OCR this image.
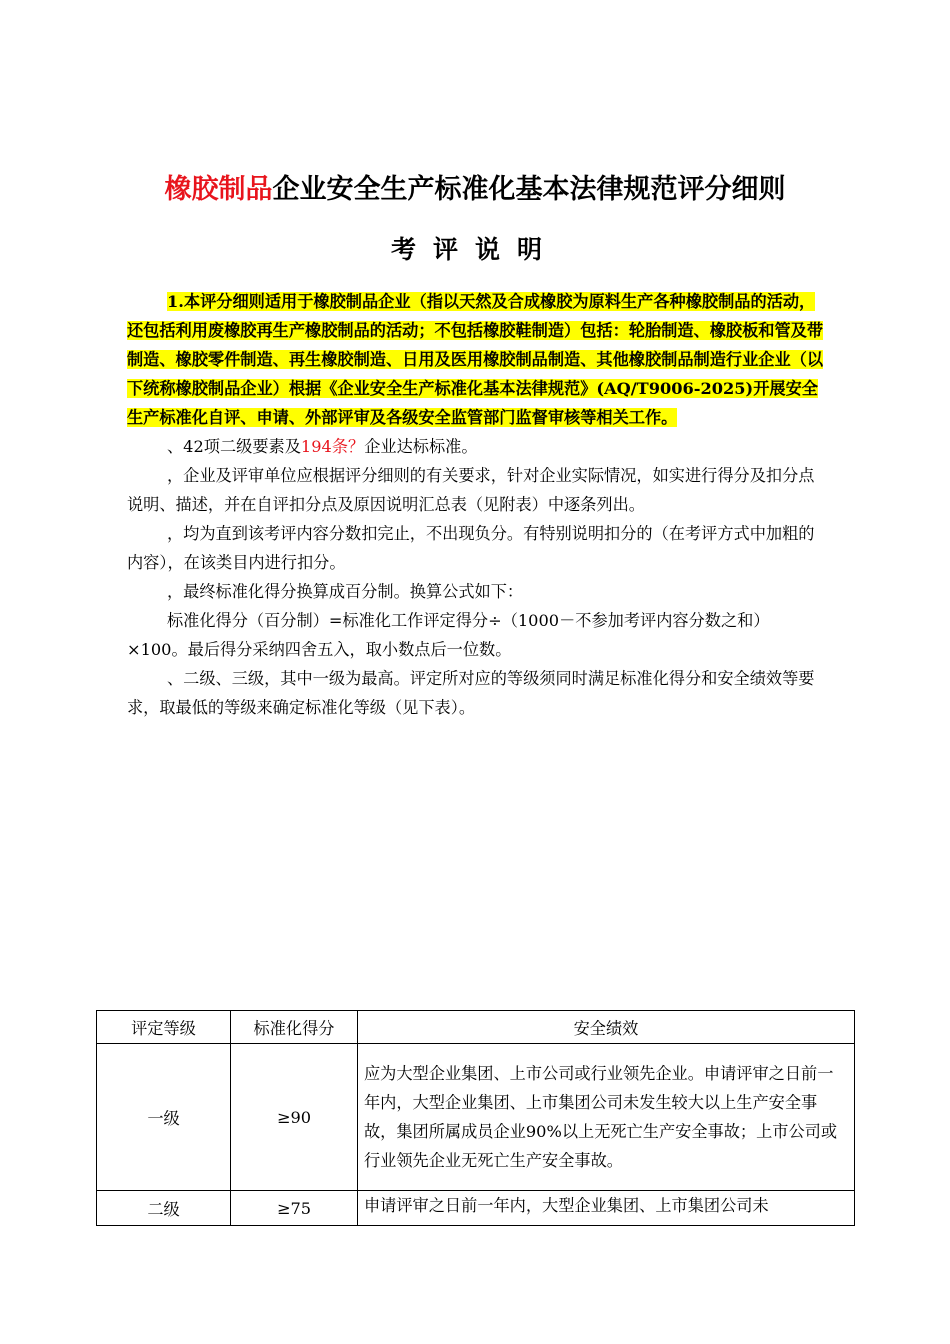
橡胶制品企业安全生产标准化基本法律规范评分细则
考评说明

1.本评分细则适用于橡胶制品企业（指以天然及合成橡胶为原料生产各种橡胶制品的活动，还包括利用废橡胶再生产橡胶制品的活动；不包括橡胶鞋制造）包括：轮胎制造、橡胶板和管及带制造、橡胶零件制造、再生橡胶制造、日用及医用橡胶制品制造、其他橡胶制品制造行业企业（以下统称橡胶制品企业）根据《企业安全生产标准化基本法律规范》(AQ/T9006-2025)开展安全生产标准化自评、申请、外部评审及各级安全监管部门监督审核等相关工作。

、42项二级要素及194条？企业达标标准。

，企业及评审单位应根据评分细则的有关要求，针对企业实际情况，如实进行得分及扣分点说明、描述，并在自评扣分点及原因说明汇总表（见附表）中逐条列出。

，均为直到该考评内容分数扣完止，不出现负分。有特别说明扣分的（在考评方式中加粗的内容），在该类目内进行扣分。

，最终标准化得分换算成百分制。换算公式如下：

标准化得分（百分制）=标准化工作评定得分÷（1000－不参加考评内容分数之和）×100。最后得分采纳四舍五入，取小数点后一位数。

、二级、三级，其中一级为最高。评定所对应的等级须同时满足标准化得分和安全绩效等要求，取最低的等级来确定标准化等级（见下表）。

评定等级	标准化得分	安全绩效
一级	≥90	应为大型企业集团、上市公司或行业领先企业。申请评审之日前一年内，大型企业集团、上市集团公司未发生较大以上生产安全事故，集团所属成员企业90%以上无死亡生产安全事故；上市公司或行业领先企业无死亡生产安全事故。
二级	≥75	申请评审之日前一年内，大型企业集团、上市集团公司未
